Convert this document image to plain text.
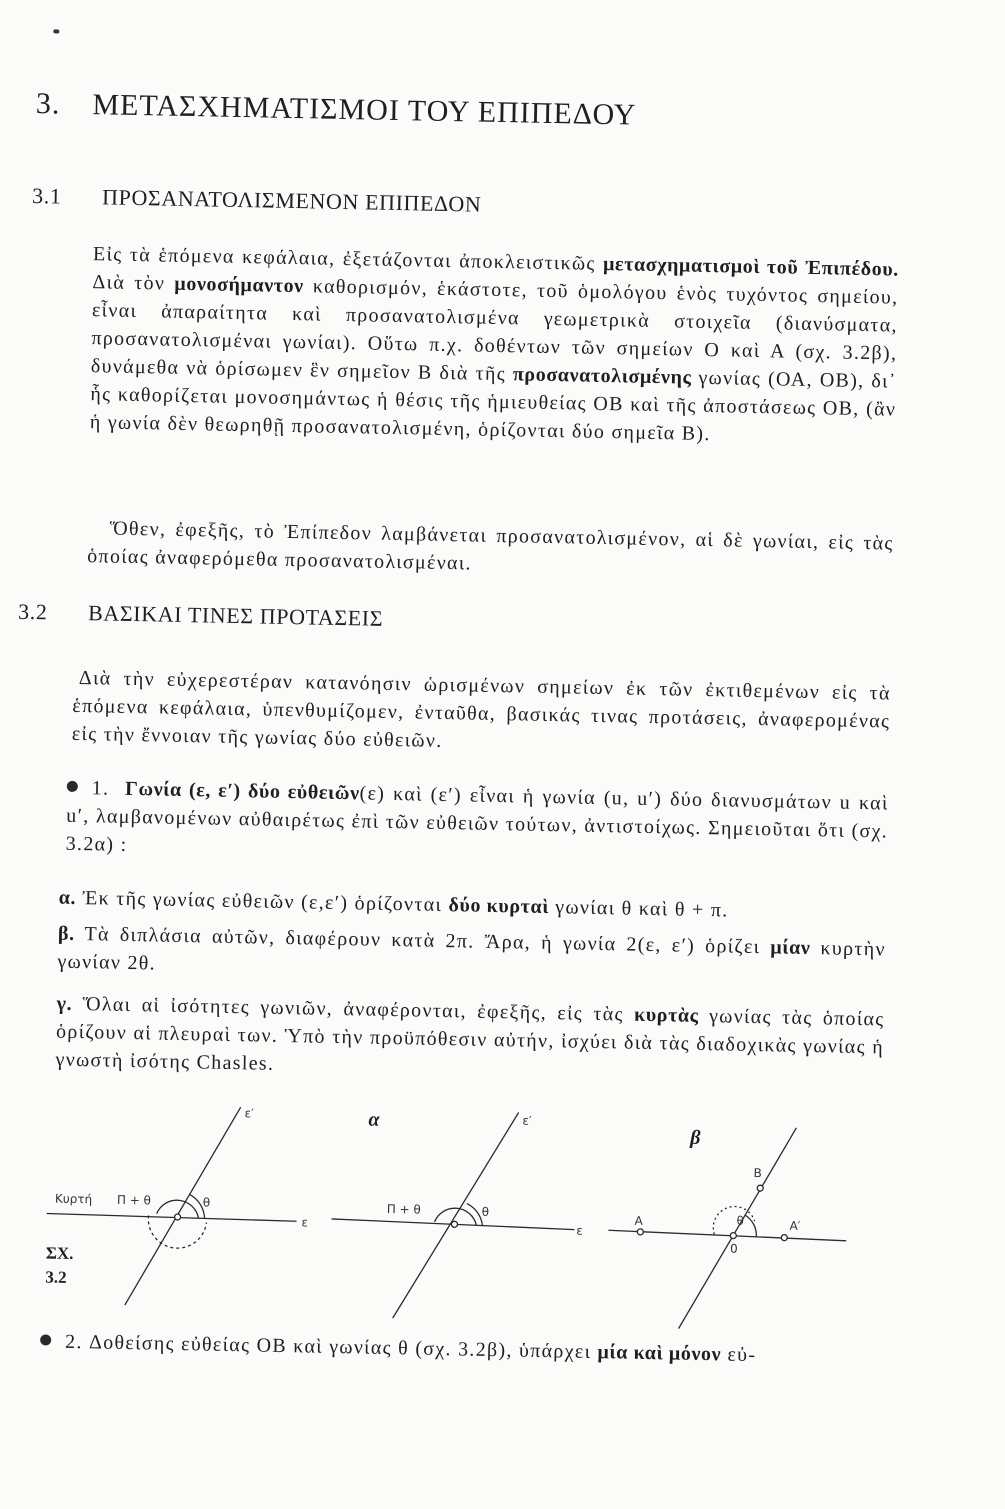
3. ΜΕΤΑΣΧΗΜΑΤΙΣΜΟΙ ΤΟΥ ΕΠΙΠΕΔΟΥ
3.1 ΠΡΟΣΑΝΑΤΟΛΙΣΜΕΝΟΝ ΕΠΙΠΕΔΟΝ
Εἰς τὰ ἑπόμενα κεφάλαια, ἐξετάζονται ἀποκλειστικῶς μετασχηματισμοὶ τοῦ Ἐπιπέδου. Διὰ τὸν μονοσήμαντον καθορισμόν, ἑκάστοτε, τοῦ ὁμολόγου ἑνὸς τυχόντος σημείου, εἶναι ἀπαραίτητα καὶ προσανατολισμένα γεωμετρικὰ στοιχεῖα (διανύσματα, προσανατολισμέναι γωνίαι). Οὕτω π.χ. δοθέντων τῶν σημείων Ο καὶ Α (σχ. 3.2β), δυνάμεθα νὰ ὁρίσωμεν ἓν σημεῖον Β διὰ τῆς προσανατολισμένης γωνίας (ΟΑ, ΟΒ), δι᾽ ἧς καθορίζεται μονοσημάντως ἡ θέσις τῆς ἡμιευθείας ΟΒ καὶ τῆς ἀποστάσεως ΟΒ, (ἂν ἡ γωνία δὲν θεωρηθῇ προσανατολισμένη, ὁρίζονται δύο σημεῖα Β).
Ὅθεν, ἐφεξῆς, τὸ Ἐπίπεδον λαμβάνεται προσανατολισμένον, αἱ δὲ γωνίαι, εἰς τὰς ὁποίας ἀναφερόμεθα προσανατολισμέναι.
3.2 ΒΑΣΙΚΑΙ ΤΙΝΕΣ ΠΡΟΤΑΣΕΙΣ
Διὰ τὴν εὐχερεστέραν κατανόησιν ὡρισμένων σημείων ἐκ τῶν ἐκτιθεμένων εἰς τὰ ἑπόμενα κεφάλαια, ὑπενθυμίζομεν, ἐνταῦθα, βασικάς τινας προτάσεις, ἀναφερομένας εἰς τὴν ἔννοιαν τῆς γωνίας δύο εὐθειῶν.
1. Γωνία (ε, ε′) δύο εὐθειῶν(ε) καὶ (ε′) εἶναι ἡ γωνία (u, u′) δύο διανυσμάτων u καὶ u′, λαμβανομένων αὐθαιρέτως ἐπὶ τῶν εὐθειῶν τούτων, ἀντιστοίχως. Σημειοῦται ὅτι (σχ. 3.2α) :
α. Ἐκ τῆς γωνίας εὐθειῶν (ε,ε′) ὁρίζονται δύο κυρταὶ γωνίαι θ καὶ θ + π.
β. Τὰ διπλάσια αὐτῶν, διαφέρουν κατὰ 2π. Ἄρα, ἡ γωνία 2(ε, ε′) ὁρίζει μίαν κυρτὴν γωνίαν 2θ.
γ. Ὅλαι αἱ ἰσότητες γωνιῶν, ἀναφέρονται, ἐφεξῆς, εἰς τὰς κυρτὰς γωνίας τὰς ὁποίας ὁρίζουν αἱ πλευραὶ των. Ὑπὸ τὴν προϋπόθεσιν αὐτήν, ἰσχύει διὰ τὰς διαδοχικὰς γωνίας ἡ γνωστὴ ἰσότης Chasles.
Κυρτή Π + θ	θ
ε
ε′
Π + θ	θ
ε
ε′
Α	Α′
Β
0
θ
α
β
ΣΧ.
3.2
2. Δοθείσης εὐθείας ΟΒ καὶ γωνίας θ (σχ. 3.2β), ὑπάρχει μία καὶ μόνον εὐ-
